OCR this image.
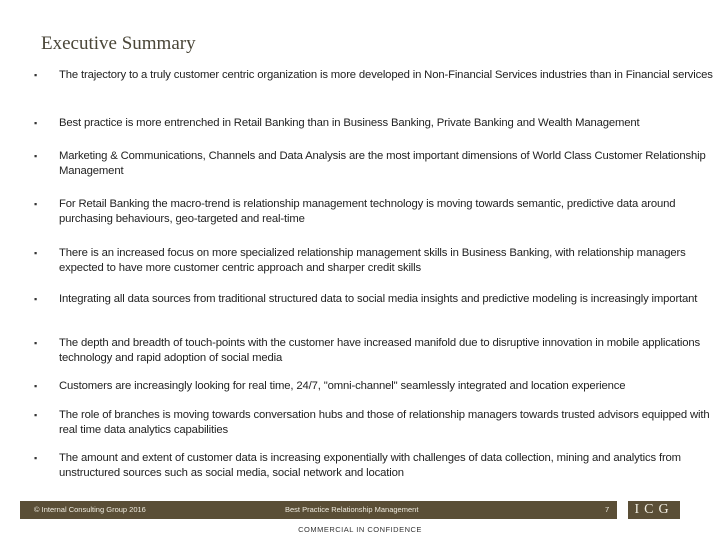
Executive Summary
▪ The trajectory to a truly customer centric organization is more developed in Non-Financial Services industries than in Financial services
▪ Best practice is more entrenched in Retail Banking than in Business Banking, Private Banking and Wealth Management
▪ Marketing & Communications, Channels and Data Analysis are the most important dimensions of World Class Customer Relationship Management
▪ For Retail Banking the macro-trend is relationship management technology is moving towards semantic, predictive data around purchasing behaviours, geo-targeted and real-time
▪ There is an increased focus on more specialized relationship management skills in Business Banking, with relationship managers expected to have more customer centric approach and sharper credit skills
▪ Integrating all data sources from traditional structured data to social media insights and predictive modeling is increasingly important
▪ The depth and breadth of touch-points with the customer have increased manifold due to disruptive innovation in mobile applications technology and rapid adoption of social media
▪ Customers are increasingly looking for real time, 24/7, "omni-channel" seamlessly integrated and location experience
▪ The role of branches is moving towards conversation hubs and those of relationship managers towards trusted advisors equipped with real time data analytics capabilities
▪ The amount and extent of customer data is increasing exponentially with challenges of data collection, mining and analytics from unstructured sources such as social media, social network and location
© Internal Consulting Group 2016	Best Practice Relationship Management	7	ICG
COMMERCIAL IN CONFIDENCE
